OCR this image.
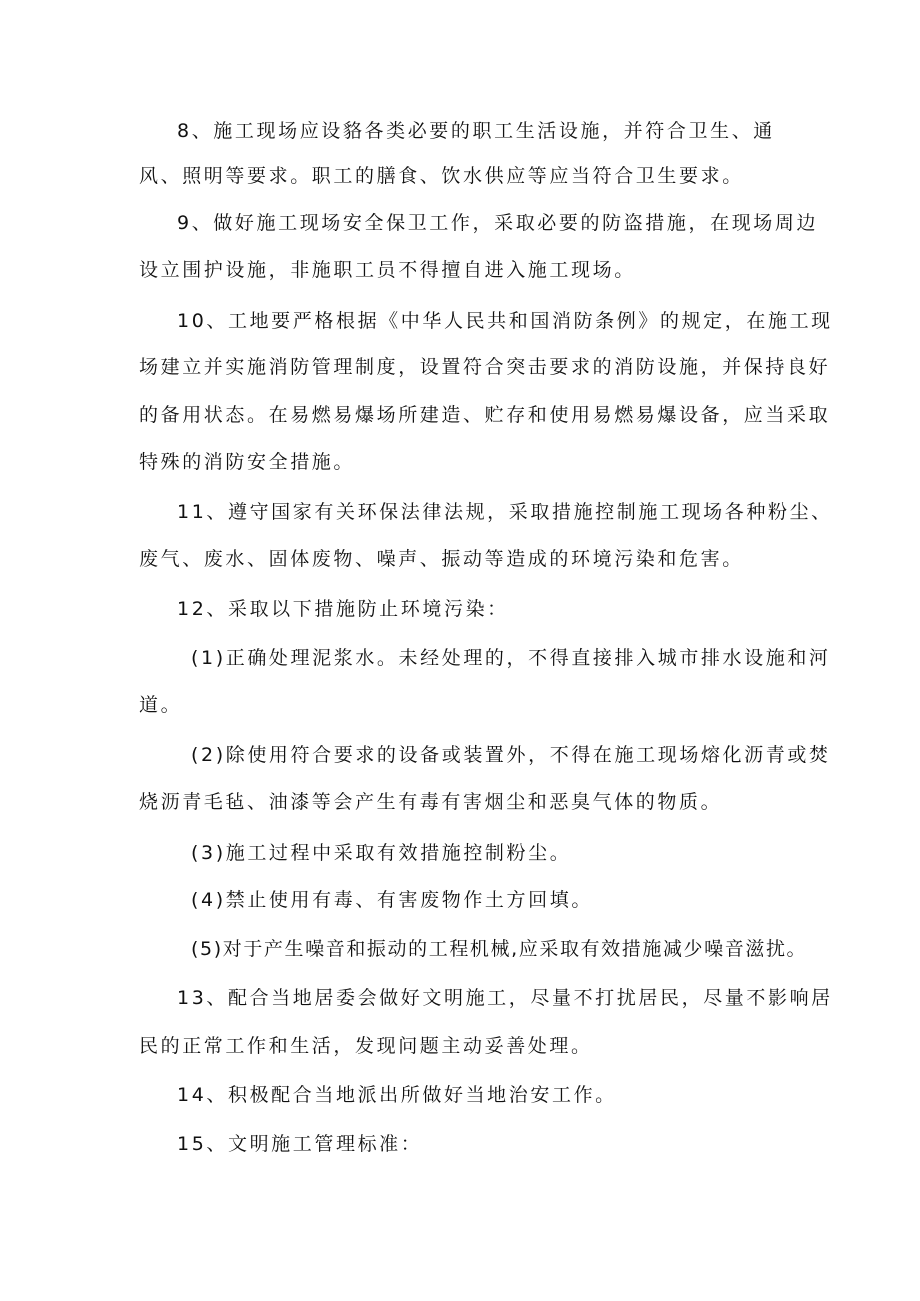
8、施工现场应设貉各类必要的职工生活设施，并符合卫生、通
风、照明等要求。职工的膳食、饮水供应等应当符合卫生要求。
9、做好施工现场安全保卫工作，采取必要的防盗措施，在现场周边
设立围护设施，非施职工员不得擅自进入施工现场。
10、工地要严格根据《中华人民共和国消防条例》的规定，在施工现
场建立并实施消防管理制度，设置符合突击要求的消防设施，并保持良好
的备用状态。在易燃易爆场所建造、贮存和使用易燃易爆设备，应当采取
特殊的消防安全措施。
11、遵守国家有关环保法律法规，采取措施控制施工现场各种粉尘、
废气、废水、固体废物、噪声、振动等造成的环境污染和危害。
12、采取以下措施防止环境污染：
(1)正确处理泥浆水。未经处理的，不得直接排入城市排水设施和河
道。
(2)除使用符合要求的设备或装置外，不得在施工现场熔化沥青或焚
烧沥青毛毡、油漆等会产生有毒有害烟尘和恶臭气体的物质。
(3)施工过程中采取有效措施控制粉尘。
(4)禁止使用有毒、有害废物作土方回填。
(5)对于产生噪音和振动的工程机械,应采取有效措施减少噪音滋扰。
13、配合当地居委会做好文明施工，尽量不打扰居民，尽量不影响居
民的正常工作和生活，发现问题主动妥善处理。
14、积极配合当地派出所做好当地治安工作。
15、文明施工管理标准：
